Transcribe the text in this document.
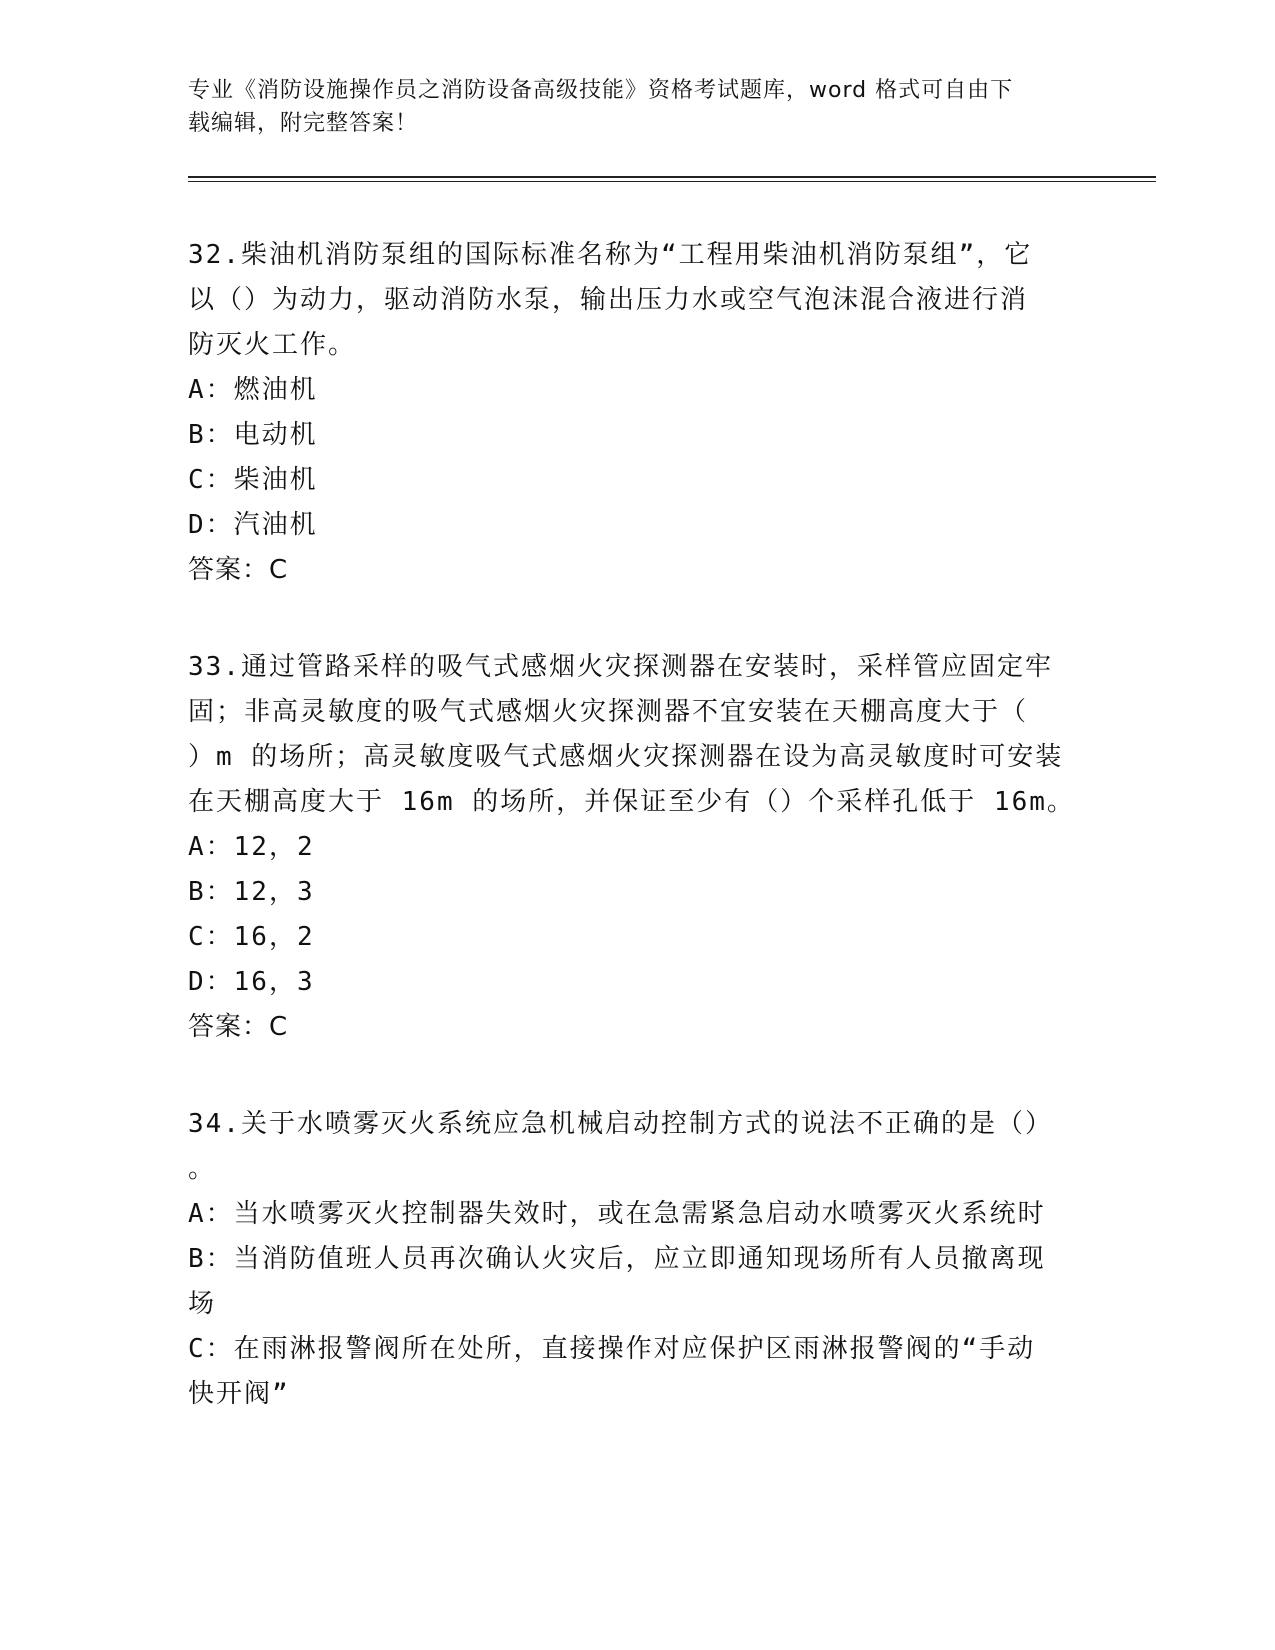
专业《消防设施操作员之消防设备高级技能》资格考试题库，word 格式可自由下
载编辑，附完整答案！
32.柴油机消防泵组的国际标准名称为“工程用柴油机消防泵组”，它
以（）为动力，驱动消防水泵，输出压力水或空气泡沫混合液进行消
防灭火工作。
A：燃油机
B：电动机
C：柴油机
D：汽油机
答案：C
33.通过管路采样的吸气式感烟火灾探测器在安装时，采样管应固定牢
固；非高灵敏度的吸气式感烟火灾探测器不宜安装在天棚高度大于（
）m 的场所；高灵敏度吸气式感烟火灾探测器在设为高灵敏度时可安装
在天棚高度大于 16m 的场所，并保证至少有（）个采样孔低于 16m。
A：12，2
B：12，3
C：16，2
D：16，3
答案：C
34.关于水喷雾灭火系统应急机械启动控制方式的说法不正确的是（）
。
A：当水喷雾灭火控制器失效时，或在急需紧急启动水喷雾灭火系统时
B：当消防值班人员再次确认火灾后，应立即通知现场所有人员撤离现
场
C：在雨淋报警阀所在处所，直接操作对应保护区雨淋报警阀的“手动
快开阀”
